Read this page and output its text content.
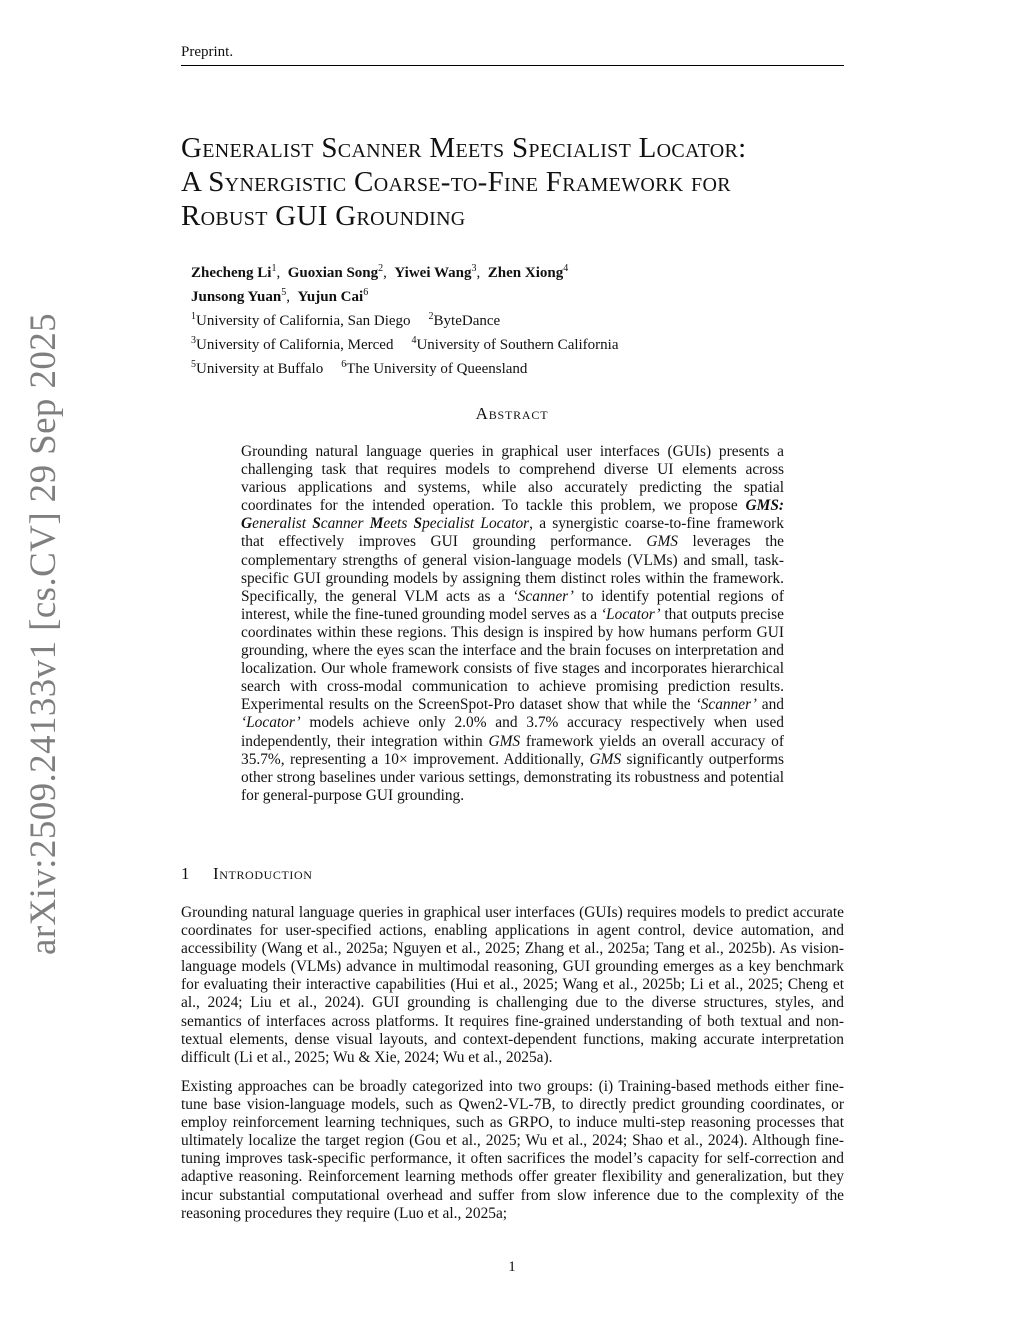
Preprint.
arXiv:2509.24133v1 [cs.CV] 29 Sep 2025
Generalist Scanner Meets Specialist Locator:
A Synergistic Coarse-to-Fine Framework for
Robust GUI Grounding
Zhecheng Li$^1$,  Guoxian Song$^2$,  Yiwei Wang$^3$,  Zhen Xiong$^4$
Junsong Yuan$^5$,  Yujun Cai$^6$
$^1$University of California, San Diego $^2$ByteDance
$^3$University of California, Merced $^4$University of Southern California
$^5$University at Buffalo $^6$The University of Queensland
Abstract

Grounding natural language queries in graphical user interfaces (GUIs) presents a challenging task that requires models to comprehend diverse UI elements across various applications and systems, while also accurately predicting the spatial coordinates for the intended operation. To tackle this problem, we propose GMS: Generalist Scanner Meets Specialist Locator, a synergistic coarse-to-fine framework that effectively improves GUI grounding performance. GMS leverages the complementary strengths of general vision-language models (VLMs) and small, task-specific GUI grounding models by assigning them distinct roles within the framework. Specifically, the general VLM acts as a ‘Scanner’ to identify potential regions of interest, while the fine-tuned grounding model serves as a ‘Locator’ that outputs precise coordinates within these regions. This design is inspired by how humans perform GUI grounding, where the eyes scan the interface and the brain focuses on interpretation and localization. Our whole framework consists of five stages and incorporates hierarchical search with cross-modal communication to achieve promising prediction results. Experimental results on the ScreenSpot-Pro dataset show that while the ‘Scanner’ and ‘Locator’ models achieve only 2.0% and 3.7% accuracy respectively when used independently, their integration within GMS framework yields an overall accuracy of 35.7%, representing a 10× improvement. Additionally, GMS significantly outperforms other strong baselines under various settings, demonstrating its robustness and potential for general-purpose GUI grounding.

1 Introduction

Grounding natural language queries in graphical user interfaces (GUIs) requires models to predict accurate coordinates for user-specified actions, enabling applications in agent control, device automation, and accessibility (Wang et al., 2025a; Nguyen et al., 2025; Zhang et al., 2025a; Tang et al., 2025b). As vision-language models (VLMs) advance in multimodal reasoning, GUI grounding emerges as a key benchmark for evaluating their interactive capabilities (Hui et al., 2025; Wang et al., 2025b; Li et al., 2025; Cheng et al., 2024; Liu et al., 2024). GUI grounding is challenging due to the diverse structures, styles, and semantics of interfaces across platforms. It requires fine-grained understanding of both textual and non-textual elements, dense visual layouts, and context-dependent functions, making accurate interpretation difficult (Li et al., 2025; Wu & Xie, 2024; Wu et al., 2025a).

Existing approaches can be broadly categorized into two groups: (i) Training-based methods either fine-tune base vision-language models, such as Qwen2-VL-7B, to directly predict grounding coordinates, or employ reinforcement learning techniques, such as GRPO, to induce multi-step reasoning processes that ultimately localize the target region (Gou et al., 2025; Wu et al., 2024; Shao et al., 2024). Although fine-tuning improves task-specific performance, it often sacrifices the model’s capacity for self-correction and adaptive reasoning. Reinforcement learning methods offer greater flexibility and generalization, but they incur substantial computational overhead and suffer from slow inference due to the complexity of the reasoning procedures they require (Luo et al., 2025a;

1
